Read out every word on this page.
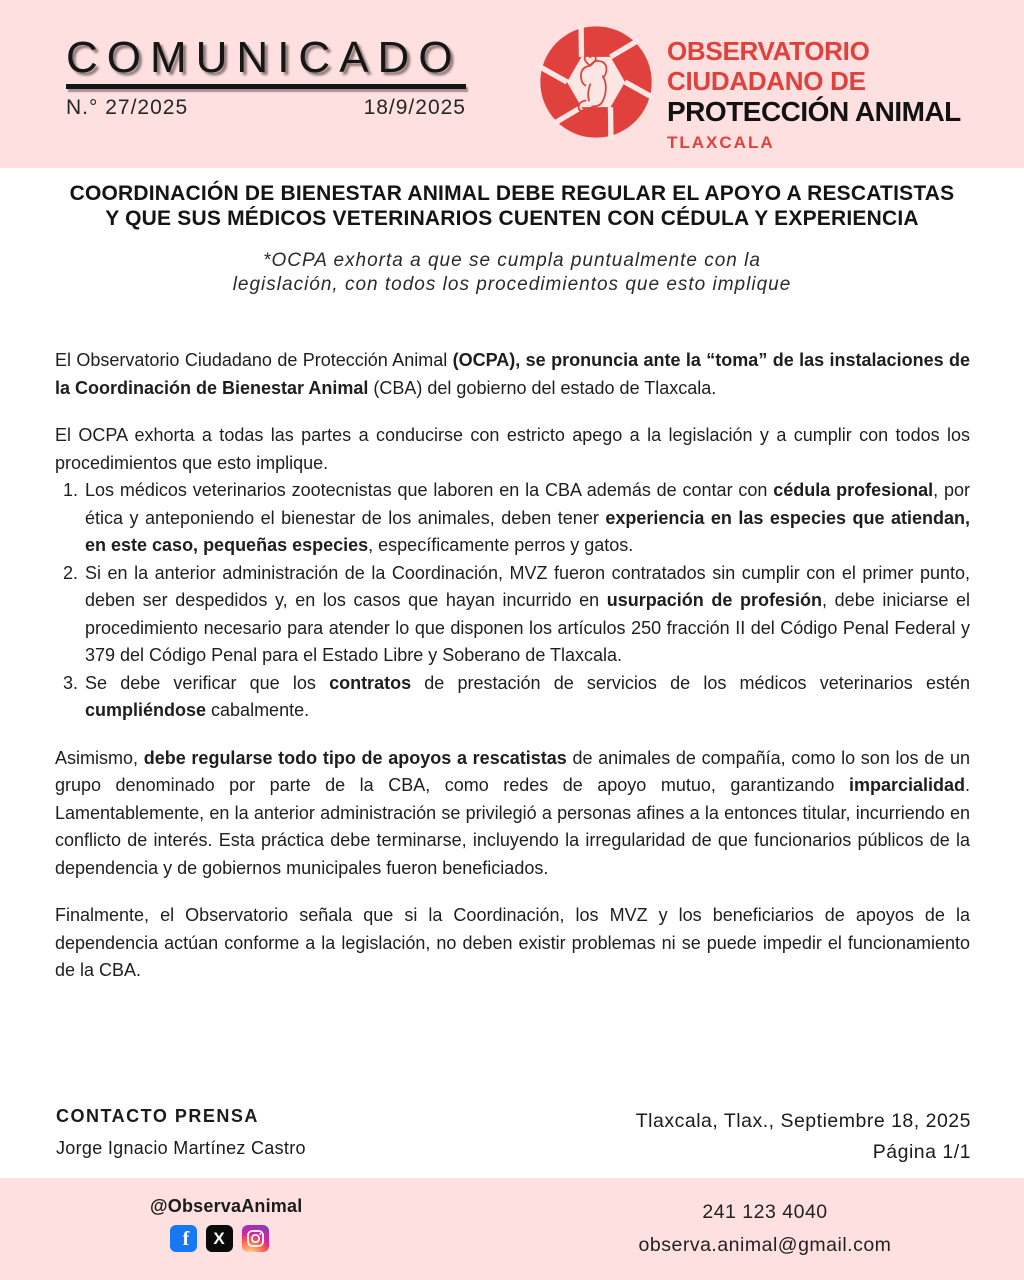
COMUNICADO
N.° 27/2025	18/9/2025
OBSERVATORIO
CIUDADANO DE
PROTECCIÓN ANIMAL
TLAXCALA
COORDINACIÓN DE BIENESTAR ANIMAL DEBE REGULAR EL APOYO A RESCATISTAS
Y QUE SUS MÉDICOS VETERINARIOS CUENTEN CON CÉDULA Y EXPERIENCIA
*OCPA exhorta a que se cumpla puntualmente con la
legislación, con todos los procedimientos que esto implique
El Observatorio Ciudadano de Protección Animal (OCPA), se pronuncia ante la “toma” de las instalaciones de la Coordinación de Bienestar Animal (CBA) del gobierno del estado de Tlaxcala.
El OCPA exhorta a todas las partes a conducirse con estricto apego a la legislación y a cumplir con todos los procedimientos que esto implique.
1. Los médicos veterinarios zootecnistas que laboren en la CBA además de contar con cédula profesional, por ética y anteponiendo el bienestar de los animales, deben tener experiencia en las especies que atiendan, en este caso, pequeñas especies, específicamente perros y gatos.
2. Si en la anterior administración de la Coordinación, MVZ fueron contratados sin cumplir con el primer punto, deben ser despedidos y, en los casos que hayan incurrido en usurpación de profesión, debe iniciarse el procedimiento necesario para atender lo que disponen los artículos 250 fracción II del Código Penal Federal y 379 del Código Penal para el Estado Libre y Soberano de Tlaxcala.
3. Se debe verificar que los contratos de prestación de servicios de los médicos veterinarios estén cumpliéndose cabalmente.
Asimismo, debe regularse todo tipo de apoyos a rescatistas de animales de compañía, como lo son los de un grupo denominado por parte de la CBA, como redes de apoyo mutuo, garantizando imparcialidad. Lamentablemente, en la anterior administración se privilegió a personas afines a la entonces titular, incurriendo en conflicto de interés. Esta práctica debe terminarse, incluyendo la irregularidad de que funcionarios públicos de la dependencia y de gobiernos municipales fueron beneficiados.
Finalmente, el Observatorio señala que si la Coordinación, los MVZ y los beneficiarios de apoyos de la dependencia actúan conforme a la legislación, no deben existir problemas ni se puede impedir el funcionamiento de la CBA.
CONTACTO PRENSA
Jorge Ignacio Martínez Castro
Tlaxcala, Tlax., Septiembre 18, 2025
Página 1/1
@ObservaAnimal
f X
241 123 4040
observa.animal@gmail.com
